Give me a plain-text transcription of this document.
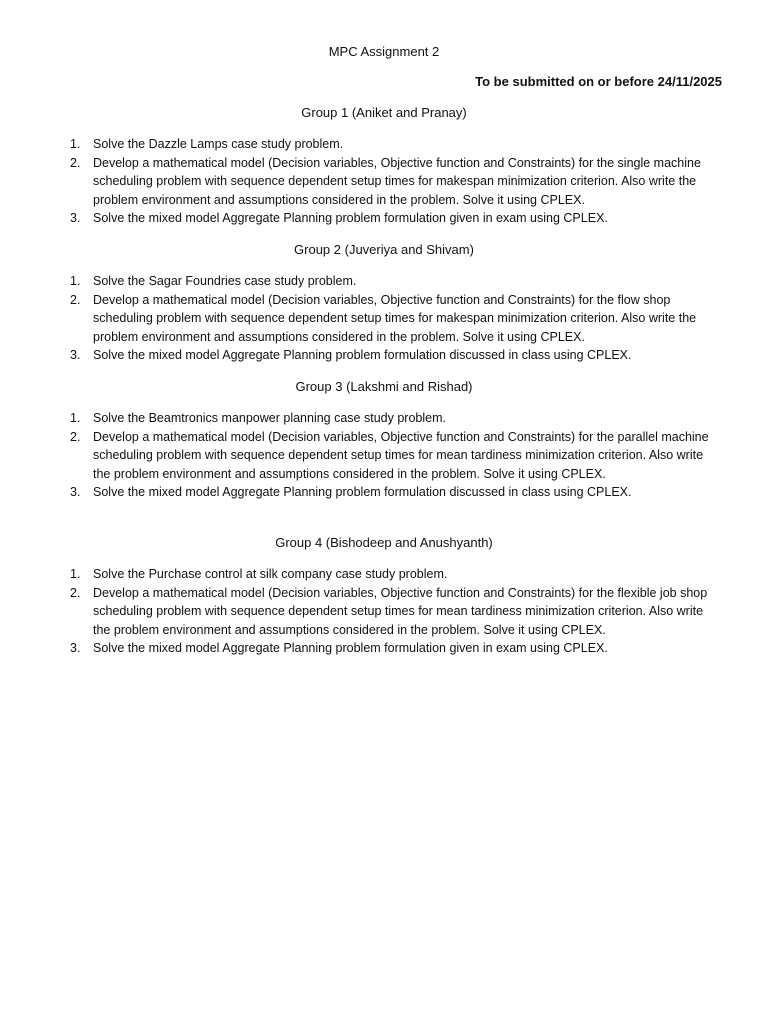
MPC Assignment 2
To be submitted on or before 24/11/2025
Group 1 (Aniket and Pranay)
1. Solve the Dazzle Lamps case study problem.
2. Develop a mathematical model (Decision variables, Objective function and Constraints) for the single machine scheduling problem with sequence dependent setup times for makespan minimization criterion. Also write the problem environment and assumptions considered in the problem. Solve it using CPLEX.
3. Solve the mixed model Aggregate Planning problem formulation given in exam using CPLEX.
Group 2 (Juveriya and Shivam)
1. Solve the Sagar Foundries case study problem.
2. Develop a mathematical model (Decision variables, Objective function and Constraints) for the flow shop scheduling problem with sequence dependent setup times for makespan minimization criterion. Also write the problem environment and assumptions considered in the problem. Solve it using CPLEX.
3. Solve the mixed model Aggregate Planning problem formulation discussed in class using CPLEX.
Group 3 (Lakshmi and Rishad)
1. Solve the Beamtronics manpower planning case study problem.
2. Develop a mathematical model (Decision variables, Objective function and Constraints) for the parallel machine scheduling problem with sequence dependent setup times for mean tardiness minimization criterion. Also write the problem environment and assumptions considered in the problem. Solve it using CPLEX.
3. Solve the mixed model Aggregate Planning problem formulation discussed in class using CPLEX.
Group 4 (Bishodeep and Anushyanth)
1. Solve the Purchase control at silk company case study problem.
2. Develop a mathematical model (Decision variables, Objective function and Constraints) for the flexible job shop scheduling problem with sequence dependent setup times for mean tardiness minimization criterion. Also write the problem environment and assumptions considered in the problem. Solve it using CPLEX.
3. Solve the mixed model Aggregate Planning problem formulation given in exam using CPLEX.
